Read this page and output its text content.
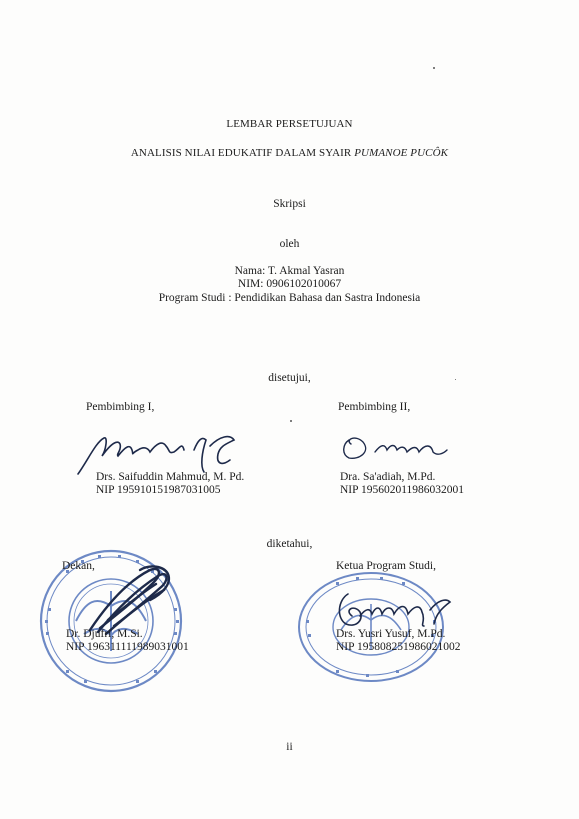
LEMBAR PERSETUJUAN
ANALISIS NILAI EDUKATIF DALAM SYAIR PUMANOE PUCÔK
Skripsi
oleh
Nama: T. Akmal Yasran
NIM: 0906102010067
Program Studi : Pendidikan Bahasa dan Sastra Indonesia
disetujui,
Pembimbing I,	Pembimbing II,
Drs. Saifuddin Mahmud, M. Pd.
NIP 195910151987031005
Dra. Sa'adiah, M.Pd.
NIP 195602011986032001
diketahui,
Dekan,
Dr. Djufri, M.Si.
NIP 196311111989031001
Ketua Program Studi,
Drs. Yusri Yusuf, M.Pd.
NIP 195808251986021002
ii
